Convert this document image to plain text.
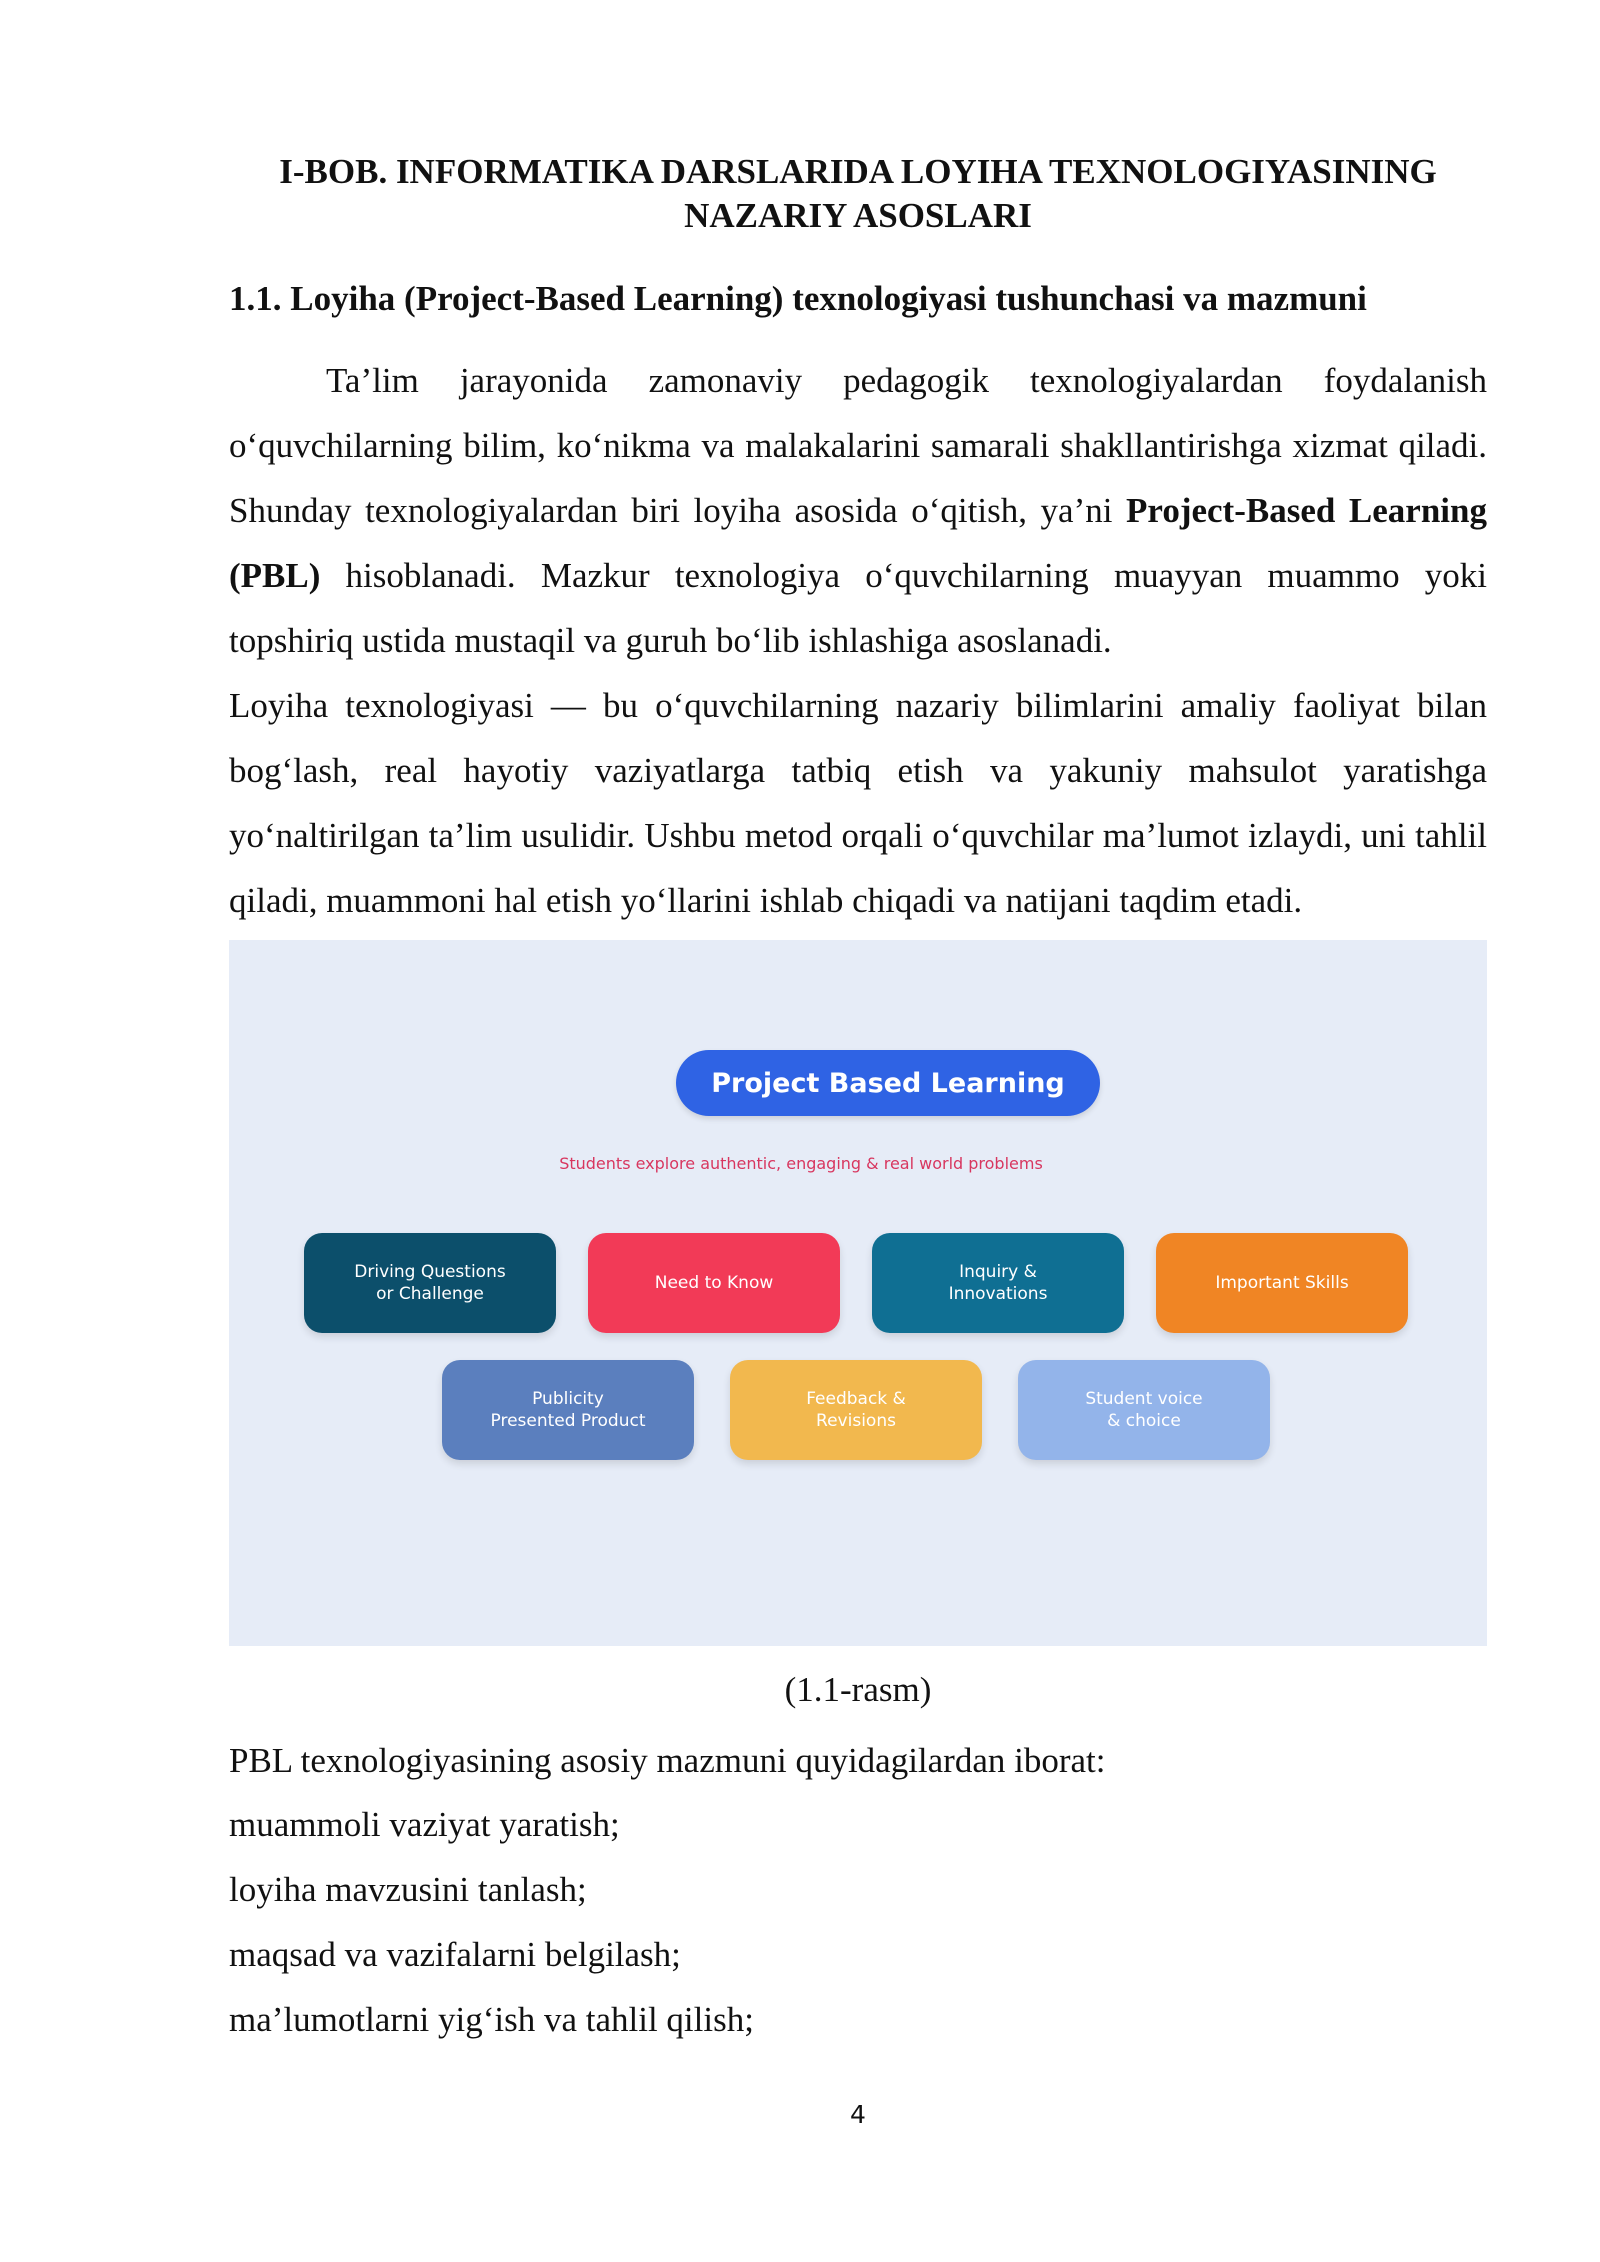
I-BOB. INFORMATIKA DARSLARIDA LOYIHA TEXNOLOGIYASINING
NAZARIY ASOSLARI
1.1. Loyiha (Project-Based Learning) texnologiyasi tushunchasi va mazmuni
Ta’lim jarayonida zamonaviy pedagogik texnologiyalardan foydalanish o‘quvchilarning bilim, ko‘nikma va malakalarini samarali shakllantirishga xizmat qiladi. Shunday texnologiyalardan biri loyiha asosida o‘qitish, ya’ni Project-Based Learning (PBL) hisoblanadi. Mazkur texnologiya o‘quvchilarning muayyan muammo yoki topshiriq ustida mustaqil va guruh bo‘lib ishlashiga asoslanadi.
Loyiha texnologiyasi — bu o‘quvchilarning nazariy bilimlarini amaliy faoliyat bilan bog‘lash, real hayotiy vaziyatlarga tatbiq etish va yakuniy mahsulot yaratishga yo‘naltirilgan ta’lim usulidir. Ushbu metod orqali o‘quvchilar ma’lumot izlaydi, uni tahlil qiladi, muammoni hal etish yo‘llarini ishlab chiqadi va natijani taqdim etadi.
Project Based Learning
Students explore authentic, engaging & real world problems
Driving Questions
or Challenge
Need to Know
Inquiry &
Innovations
Important Skills
Publicity
Presented Product
Feedback &
Revisions
Student voice
& choice
(1.1-rasm)
PBL texnologiyasining asosiy mazmuni quyidagilardan iborat:
muammoli vaziyat yaratish;
loyiha mavzusini tanlash;
maqsad va vazifalarni belgilash;
ma’lumotlarni yig‘ish va tahlil qilish;
4
